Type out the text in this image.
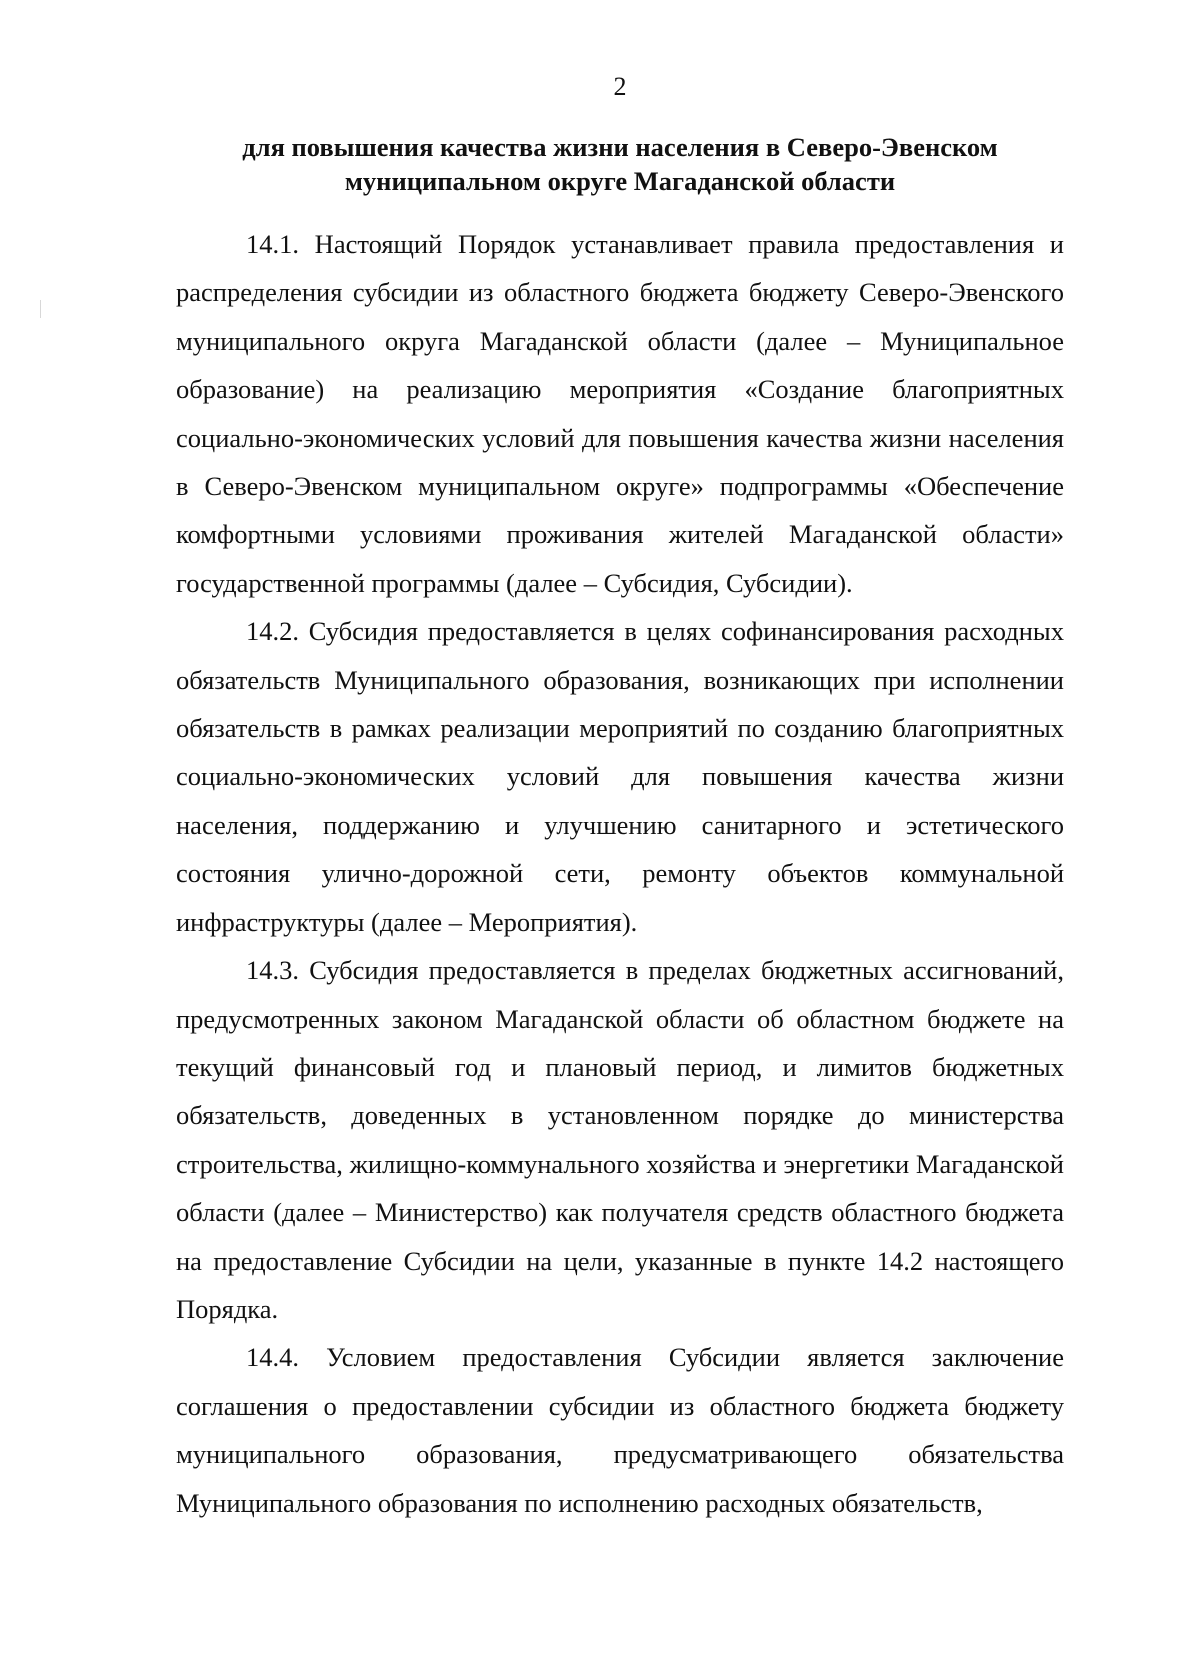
2
для повышения качества жизни населения в Северо-Эвенском
муниципальном округе Магаданской области

14.1. Настоящий Порядок устанавливает правила предоставления и распределения субсидии из областного бюджета бюджету Северо-Эвенского муниципального округа Магаданской области (далее – Муниципальное образование) на реализацию мероприятия «Создание благоприятных социально-экономических условий для повышения качества жизни населения в Северо-Эвенском муниципальном округе» подпрограммы «Обеспечение комфортными условиями проживания жителей Магаданской области» государственной программы (далее – Субсидия, Субсидии).

14.2. Субсидия предоставляется в целях софинансирования расходных обязательств Муниципального образования, возникающих при исполнении обязательств в рамках реализации мероприятий по созданию благоприятных социально-экономических условий для повышения качества жизни населения, поддержанию и улучшению санитарного и эстетического состояния улично-дорожной сети, ремонту объектов коммунальной инфраструктуры (далее – Мероприятия).

14.3. Субсидия предоставляется в пределах бюджетных ассигнований, предусмотренных законом Магаданской области об областном бюджете на текущий финансовый год и плановый период, и лимитов бюджетных обязательств, доведенных в установленном порядке до министерства строительства, жилищно-коммунального хозяйства и энергетики Магаданской области (далее – Министерство) как получателя средств областного бюджета на предоставление Субсидии на цели, указанные в пункте 14.2 настоящего Порядка.

14.4. Условием предоставления Субсидии является заключение соглашения о предоставлении субсидии из областного бюджета бюджету муниципального образования, предусматривающего обязательства Муниципального образования по исполнению расходных обязательств,
